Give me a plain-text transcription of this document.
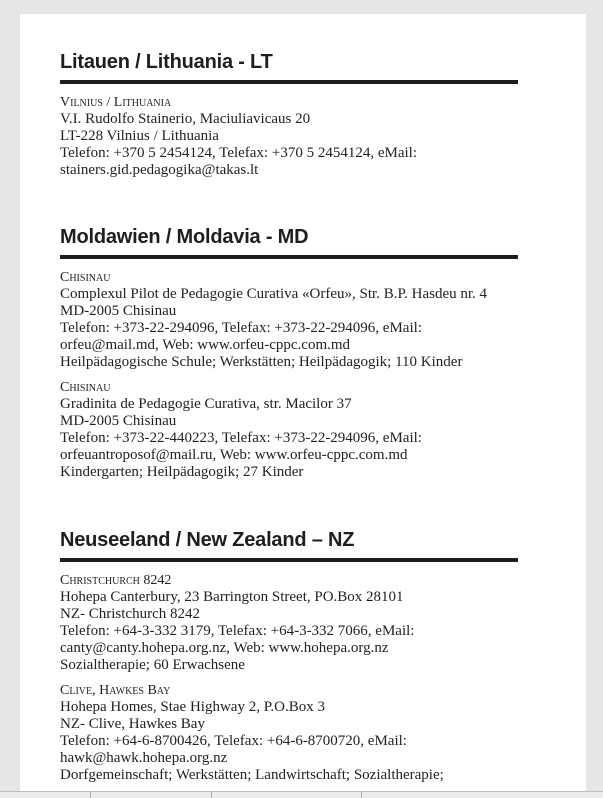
Litauen / Lithuania - LT
Vilnius / Lithuania
V.I. Rudolfo Stainerio, Maciuliavicaus 20
LT-228 Vilnius / Lithuania
Telefon: +370 5 2454124, Telefax: +370 5 2454124, eMail:
stainers.gid.pedagogika@takas.lt
Moldawien / Moldavia - MD
Chisinau
Complexul Pilot de Pedagogie Curativa «Orfeu», Str. B.P. Hasdeu nr. 4
MD-2005 Chisinau
Telefon: +373-22-294096, Telefax: +373-22-294096, eMail:
orfeu@mail.md, Web: www.orfeu-cppc.com.md
Heilpädagogische Schule; Werkstätten; Heilpädagogik; 110 Kinder
Chisinau
Gradinita de Pedagogie Curativa, str. Macilor 37
MD-2005 Chisinau
Telefon: +373-22-440223, Telefax: +373-22-294096, eMail:
orfeuantroposof@mail.ru, Web: www.orfeu-cppc.com.md
Kindergarten; Heilpädagogik; 27 Kinder
Neuseeland / New Zealand – NZ
Christchurch 8242
Hohepa Canterbury, 23 Barrington Street, PO.Box 28101
NZ- Christchurch 8242
Telefon: +64-3-332 3179, Telefax: +64-3-332 7066, eMail:
canty@canty.hohepa.org.nz, Web: www.hohepa.org.nz
Sozialtherapie; 60 Erwachsene
Clive, Hawkes Bay
Hohepa Homes, Stae Highway 2, P.O.Box 3
NZ- Clive, Hawkes Bay
Telefon: +64-6-8700426, Telefax: +64-6-8700720, eMail:
hawk@hawk.hohepa.org.nz
Dorfgemeinschaft; Werkstätten; Landwirtschaft; Sozialtherapie;
